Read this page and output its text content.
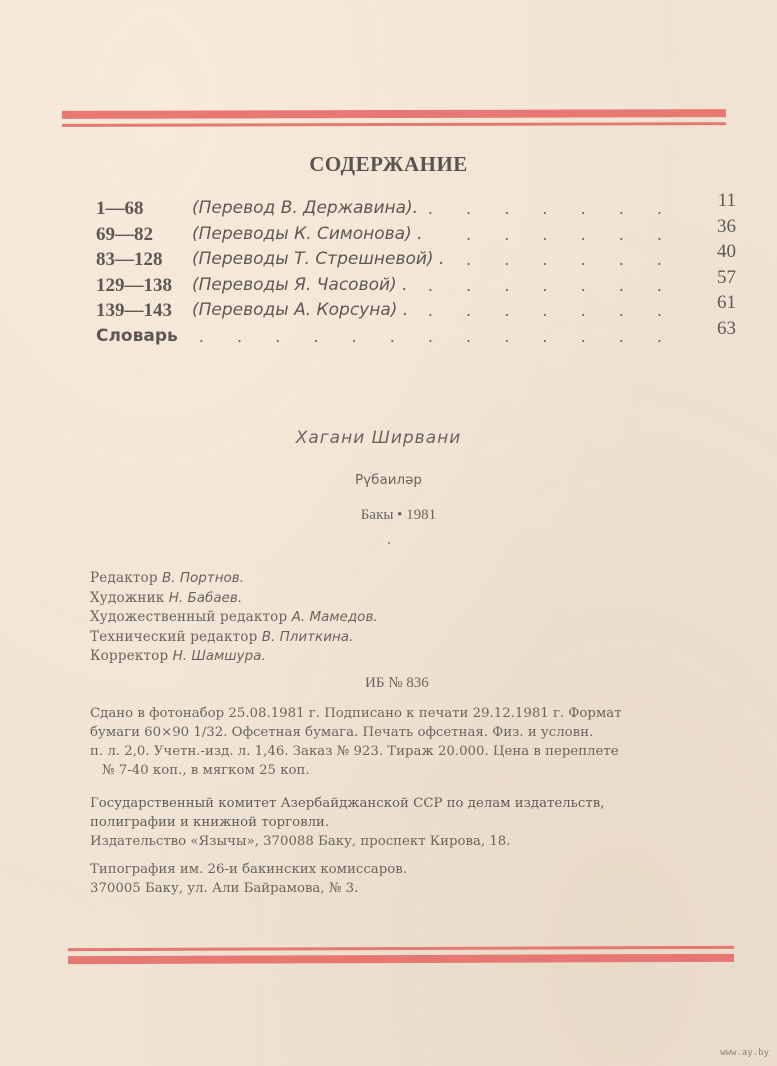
СОДЕРЖАНИЕ
1—68	(Перевод В. Державина). . . . . . . . 11
69—82 (Переводы К. Симонова) .	. . . . . . 36
83—128 (Переводы Т. Стрешневой) . . . . . . . 40
129—138 (Переводы Я. Часовой) . . . . . . . . 57
139—143 (Переводы А. Корсуна) . . . . . . . . 61
Словарь . . . . . . . . . . . . . 63
Хагани Ширвани
Рүбаиләр
Бакы • 1981
Редактор В. Портнов.
Художник Н. Бабаев.
Художественный редактор А. Мамедов.
Технический редактор В. Плиткина.
Корректор Н. Шамшура.
ИБ № 836
Сдано в фотонабор 25.08.1981 г. Подписано к печати 29.12.1981 г. Формат
бумаги 60×90 1/32. Офсетная бумага. Печать офсетная. Физ. и условн.
п. л. 2,0. Учетн.-изд. л. 1,46. Заказ № 923. Тираж 20.000. Цена в переплете
№ 7-40 коп., в мягком 25 коп.
Государственный комитет Азербайджанской ССР по делам издательств,
полиграфии и книжной торговли.
Издательство «Язычы», 370088 Баку, проспект Кирова, 18.
Типография им. 26-и бакинских комиссаров.
370005 Баку, ул. Али Байрамова, № 3.
www.ay.by
